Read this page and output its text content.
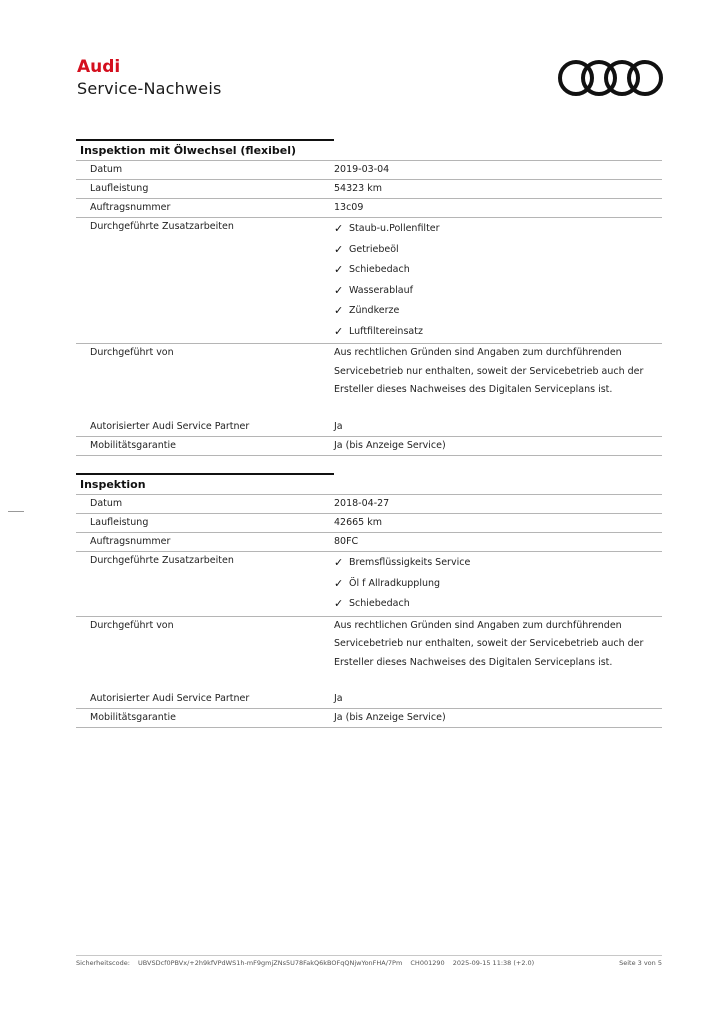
Audi
Service-Nachweis
Inspektion mit Ölwechsel (flexibel)
Datum	2019-03-04
Laufleistung	54323 km
Auftragsnummer	13c09
Durchgeführte Zusatzarbeiten	✓ Staub-u.Pollenfilter
✓ Getriebeöl
✓ Schiebedach
✓ Wasserablauf
✓ Zündkerze
✓ Luftfiltereinsatz
Durchgeführt von	Aus rechtlichen Gründen sind Angaben zum durchführenden
Servicebetrieb nur enthalten, soweit der Servicebetrieb auch der
Ersteller dieses Nachweises des Digitalen Serviceplans ist.
Autorisierter Audi Service Partner	Ja
Mobilitätsgarantie	Ja (bis Anzeige Service)
Inspektion
Datum	2018-04-27
Laufleistung	42665 km
Auftragsnummer	80FC
Durchgeführte Zusatzarbeiten	✓ Bremsflüssigkeits Service
✓ Öl f Allradkupplung
✓ Schiebedach
Durchgeführt von	Aus rechtlichen Gründen sind Angaben zum durchführenden
Servicebetrieb nur enthalten, soweit der Servicebetrieb auch der
Ersteller dieses Nachweises des Digitalen Serviceplans ist.
Autorisierter Audi Service Partner	Ja
Mobilitätsgarantie	Ja (bis Anzeige Service)
Sicherheitscode: UBVSDcf0PBVx/+2h9kfVPdWS1h-mF9gmjZNs5U78FakQ6kBOFqQNjwYonFHA/7Pm CH001290 2025-09-15 11:38 (+2.0)	Seite 3 von 5
